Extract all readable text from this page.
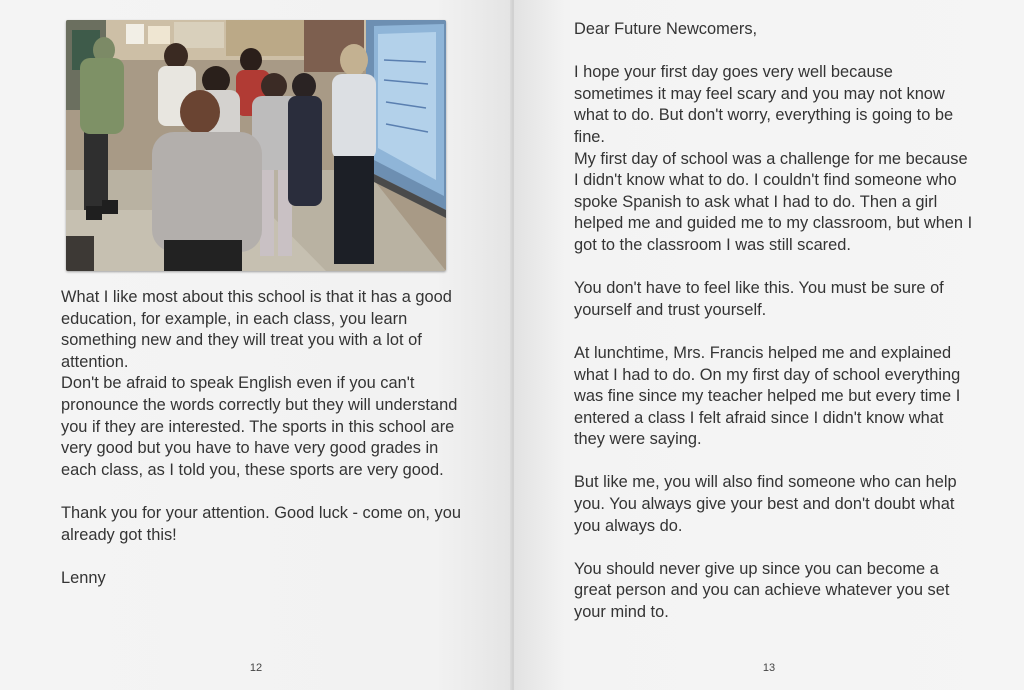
What I like most about this school is that it has a good education, for example, in each class, you learn something new and they will treat you with a lot of attention.
Don't be afraid to speak English even if you can't pronounce the words correctly but they will understand you if they are interested. The sports in this school are very good but you have to have very good grades in each class, as I told you, these sports are very good.

Thank you for your attention. Good luck - come on, you already got this!

Lenny

12

Dear Future Newcomers,

I hope your first day goes very well because sometimes it may feel scary and you may not know what to do. But don't worry, everything is going to be fine.
My first day of school was a challenge for me because I didn't know what to do. I couldn't find someone who spoke Spanish to ask what I had to do. Then a girl helped me and guided me to my classroom, but when I got to the classroom I was still scared.

You don't have to feel like this. You must be sure of yourself and trust yourself.

At lunchtime, Mrs. Francis helped me and explained what I had to do. On my first day of school everything was fine since my teacher helped me but every time I entered a class I felt afraid since I didn't know what they were saying.

But like me, you will also find someone who can help you. You always give your best and don't doubt what you always do.

You should never give up since you can become a great person and you can achieve whatever you set your mind to.

13
